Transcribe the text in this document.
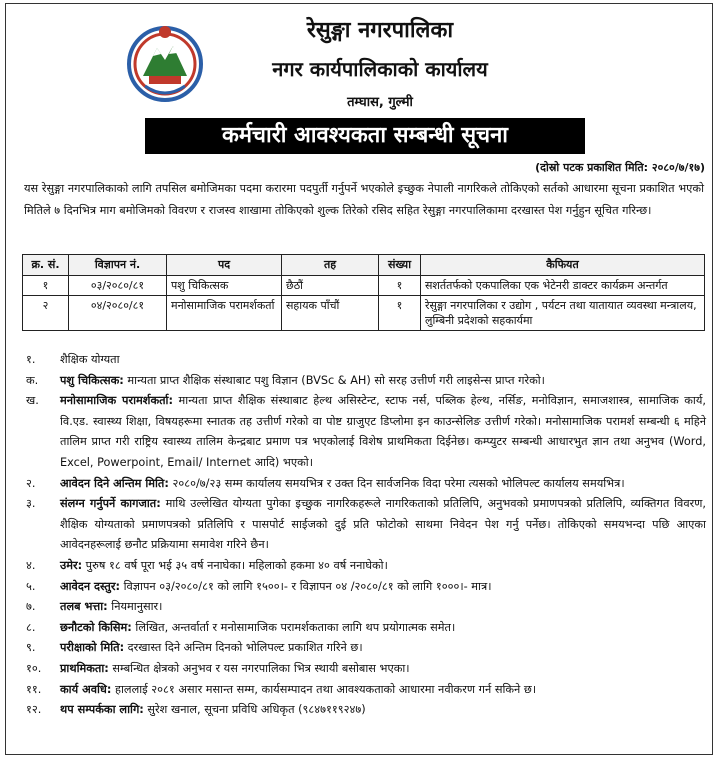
रेसुङ्गा नगरपालिका
नगर कार्यपालिकाको कार्यालय
तम्घास, गुल्मी
कर्मचारी आवश्यकता सम्बन्धी सूचना
(दोस्रो पटक प्रकाशित मिति: २०८०/७/१७)
यस रेसुङ्गा नगरपालिकाको लागि तपसिल बमोजिमका पदमा करारमा पदपुर्ती गर्नुपर्ने भएकोले इच्छुक नेपाली नागरिकले तोकिएको सर्तको आधारमा सूचना प्रकाशित भएको मितिले ७ दिनभित्र माग बमोजिमको विवरण र राजस्व शाखामा तोकिएको शुल्क तिरेको रसिद सहित रेसुङ्गा नगरपालिकामा दरखास्त पेश गर्नुहुन सूचित गरिन्छ।
क्र. सं.	विज्ञापन नं.	पद	तह	संख्या	कैफियत
१	०३/२०८०/८१	पशु चिकित्सक	छैठौं	१	सशर्ततर्फको एकपालिका एक भेटेनरी डाक्टर कार्यक्रम अन्तर्गत
२	०४/२०८०/८१	मनोसामाजिक परामर्शकर्ता	सहायक पाँचौं	१	रेसुङ्गा नगरपालिका र उद्योग , पर्यटन तथा यातायात व्यवस्था मन्त्रालय, लुम्बिनी प्रदेशको सहकार्यमा
१.	शैक्षिक योग्यता
क.	पशु चिकित्सक: मान्यता प्राप्त शैक्षिक संस्थाबाट पशु विज्ञान (BVSc & AH) सो सरह उत्तीर्ण गरी लाइसेन्स प्राप्त गरेको।
ख.	मनोसामाजिक परामर्शकर्ता: मान्यता प्राप्त शैक्षिक संस्थाबाट हेल्थ असिस्टेन्ट, स्टाफ नर्स, पब्लिक हेल्थ, नर्सिङ, मनोविज्ञान, समाजशास्त्र, सामाजिक कार्य, वि.एड. स्वास्थ्य शिक्षा, विषयहरूमा स्नातक तह उत्तीर्ण गरेको वा पोष्ट ग्राजुएट डिप्लोमा इन काउन्सेलिङ उत्तीर्ण गरेको। मनोसामाजिक परामर्श सम्बन्धी ६ महिने तालिम प्राप्त गरी राष्ट्रिय स्वास्थ्य तालिम केन्द्रबाट प्रमाण पत्र भएकोलाई विशेष प्राथमिकता दिईनेछ। कम्प्युटर सम्बन्धी आधारभुत ज्ञान तथा अनुभव (Word, Excel, Powerpoint, Email/ Internet आदि) भएको।
२.	आवेदन दिने अन्तिम मिति: २०८०/७/२३ सम्म कार्यालय समयभित्र र उक्त दिन सार्वजनिक विदा परेमा त्यसको भोलिपल्ट कार्यालय समयभित्र।
३.	संलग्न गर्नुपर्ने कागजात: माथि उल्लेखित योग्यता पुगेका इच्छुक नागरिकहरूले नागरिकताको प्रतिलिपि, अनुभवको प्रमाणपत्रको प्रतिलिपि, व्यक्तिगत विवरण, शैक्षिक योग्यताको प्रमाणपत्रको प्रतिलिपि र पासपोर्ट साईजको दुई प्रति फोटोको साथमा निवेदन पेश गर्नु पर्नेछ। तोकिएको समयभन्दा पछि आएका आवेदनहरूलाई छनौट प्रक्रियामा समावेश गरिने छैन।
४.	उमेर: पुरुष १८ वर्ष पूरा भई ३५ वर्ष ननाघेका। महिलाको हकमा ४० वर्ष ननाघेको।
५.	आवेदन दस्तुर: विज्ञापन ०३/२०८०/८१ को लागि १५००।- र विज्ञापन ०४ /२०८०/८१ को लागि १०००।- मात्र।
७.	तलब भत्ता: नियमानुसार।
८.	छनौटको किसिम: लिखित, अन्तर्वार्ता र मनोसामाजिक परामर्शकताका लागि थप प्रयोगात्मक समेत।
९.	परीक्षाको मिति: दरखास्त दिने अन्तिम दिनको भोलिपल्ट प्रकाशित गरिने छ।
१०.	प्राथमिकता: सम्बन्धित क्षेत्रको अनुभव र यस नगरपालिका भित्र स्थायी बसोबास भएका।
११.	कार्य अवधि: हाललाई २०८१ असार मसान्त सम्म, कार्यसम्पादन तथा आवश्यकताको आधारमा नवीकरण गर्न सकिने छ।
१२.	थप सम्पर्कका लागि: सुरेश खनाल, सूचना प्रविधि अधिकृत (९८४७११९२४७)
